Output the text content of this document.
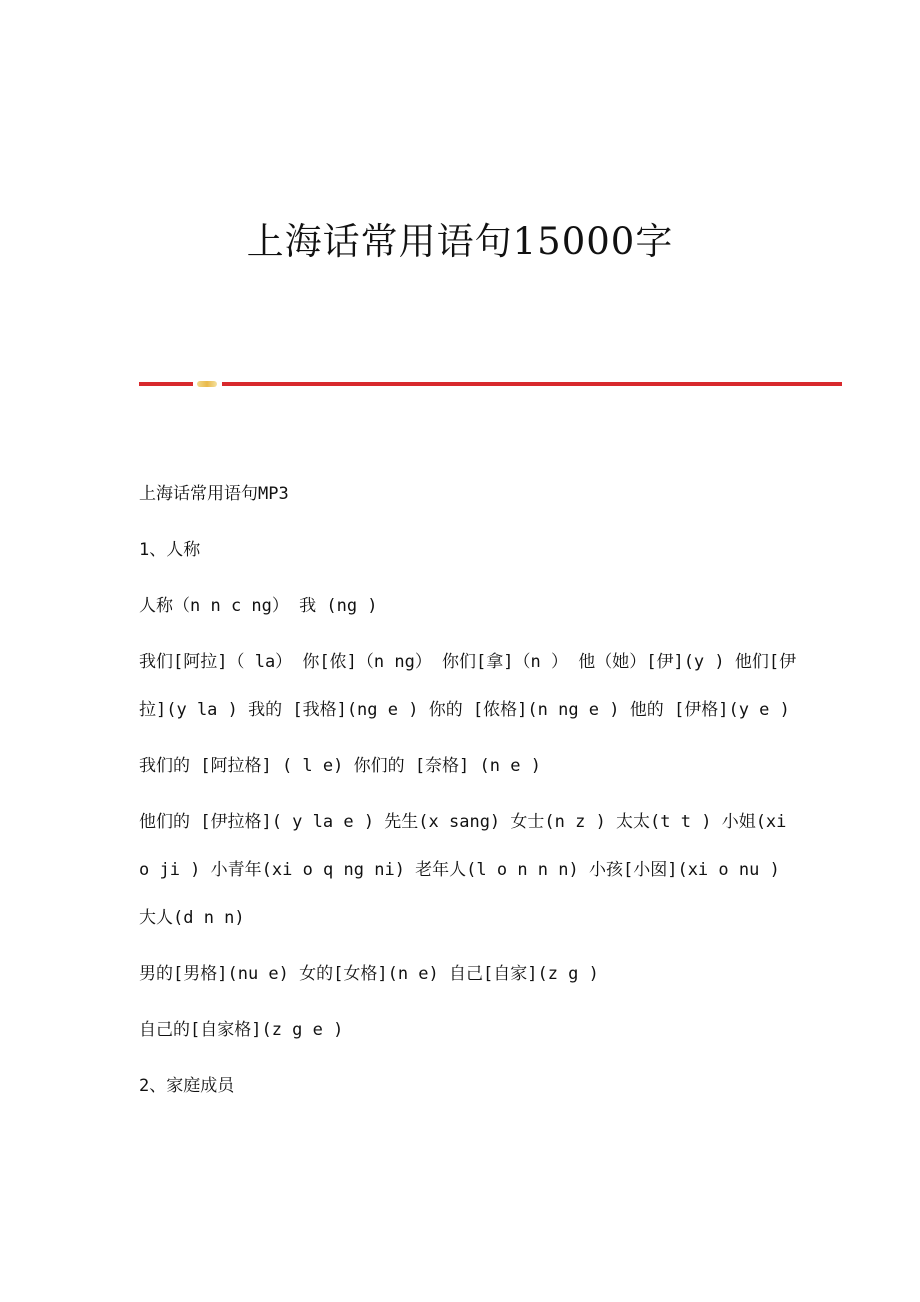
上海话常用语句15000字

上海话常用语句MP3

1、人称

人称（n n c ng） 我 (ng )

我们[阿拉]（ la） 你[侬]（n ng） 你们[拿]（n ） 他（她）[伊](y ) 他们[伊拉](y la ) 我的 [我格](ng e ) 你的 [侬格](n ng e ) 他的 [伊格](y e )

我们的 [阿拉格] ( l e) 你们的 [奈格] (n e )

他们的 [伊拉格]( y la e ) 先生(x sang) 女士(n z ) 太太(t t ) 小姐(xi o ji ) 小青年(xi o q ng ni) 老年人(l o n n n) 小孩[小囡](xi o nu ) 大人(d n n)

男的[男格](nu e) 女的[女格](n e) 自己[自家](z g )

自己的[自家格](z g e )

2、家庭成员
